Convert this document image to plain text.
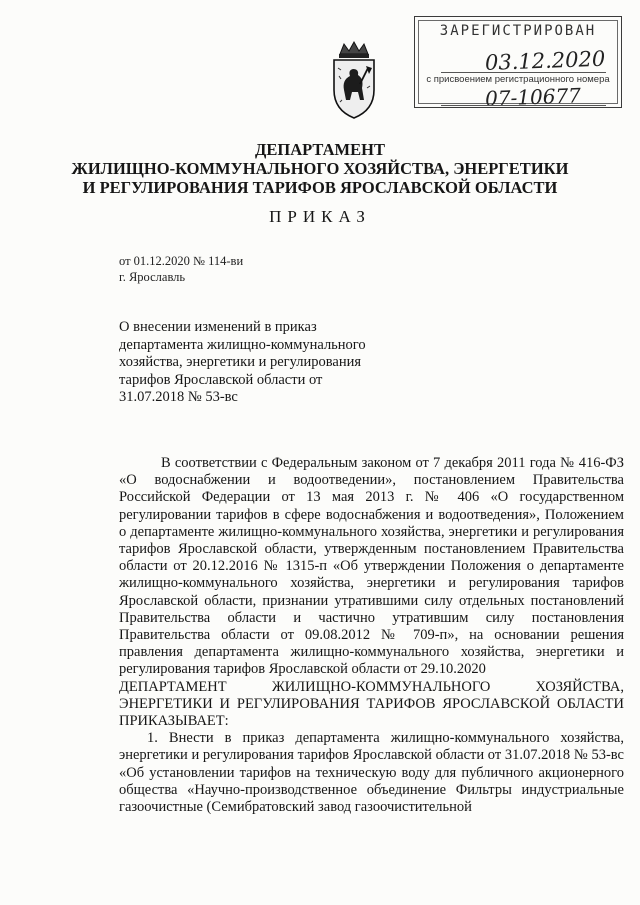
ЗАРЕГИСТРИРОВАН
03.12.2020
с присвоением регистрационного номера
07-10677
ДЕПАРТАМЕНТ
ЖИЛИЩНО-КОММУНАЛЬНОГО ХОЗЯЙСТВА, ЭНЕРГЕТИКИ
И РЕГУЛИРОВАНИЯ ТАРИФОВ ЯРОСЛАВСКОЙ ОБЛАСТИ
ПРИКАЗ
от 01.12.2020 № 114-ви
г. Ярославль
О внесении изменений в приказ департамента жилищно-коммунального хозяйства, энергетики и регулирования тарифов Ярославской области от 31.07.2018 № 53-вс

В соответствии с Федеральным законом от 7 декабря 2011 года № 416-ФЗ «О водоснабжении и водоотведении», постановлением Правительства Российской Федерации от 13 мая 2013 г. № 406 «О государственном регулировании тарифов в сфере водоснабжения и водоотведения», Положением о департаменте жилищно-коммунального хозяйства, энергетики и регулирования тарифов Ярославской области, утвержденным постановлением Правительства области от 20.12.2016 № 1315-п «Об утверждении Положения о департаменте жилищно-коммунального хозяйства, энергетики и регулирования тарифов Ярославской области, признании утратившими силу отдельных постановлений Правительства области и частично утратившим силу постановления Правительства области от 09.08.2012 № 709-п», на основании решения правления департамента жилищно-коммунального хозяйства, энергетики и регулирования тарифов Ярославской области от 29.10.2020

ДЕПАРТАМЕНТ ЖИЛИЩНО-КОММУНАЛЬНОГО ХОЗЯЙСТВА, ЭНЕРГЕТИКИ И РЕГУЛИРОВАНИЯ ТАРИФОВ ЯРОСЛАВСКОЙ ОБЛАСТИ ПРИКАЗЫВАЕТ:

1. Внести в приказ департамента жилищно-коммунального хозяйства, энергетики и регулирования тарифов Ярославской области от 31.07.2018 № 53-вс «Об установлении тарифов на техническую воду для публичного акционерного общества «Научно-производственное объединение Фильтры индустриальные газоочистные (Семибратовский завод газоочистительной
